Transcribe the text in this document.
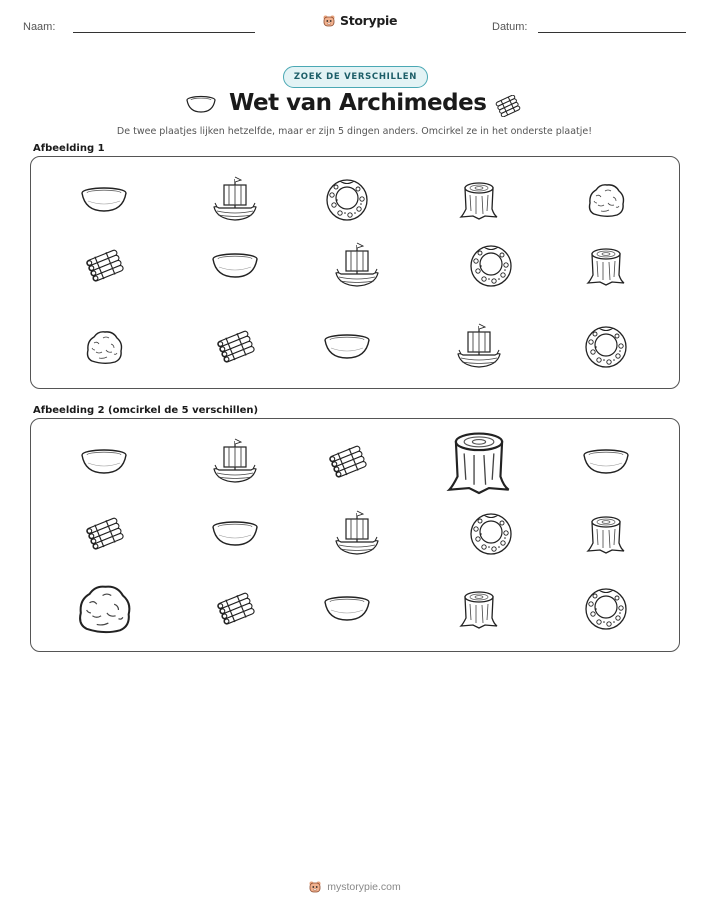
Naam:	Storypie	Datum:
ZOEK DE VERSCHILLEN
Wet van Archimedes
De twee plaatjes lijken hetzelfde, maar er zijn 5 dingen anders. Omcirkel ze in het onderste plaatje!
Afbeelding 1
Afbeelding 2 (omcirkel de 5 verschillen)
mystorypie.com
